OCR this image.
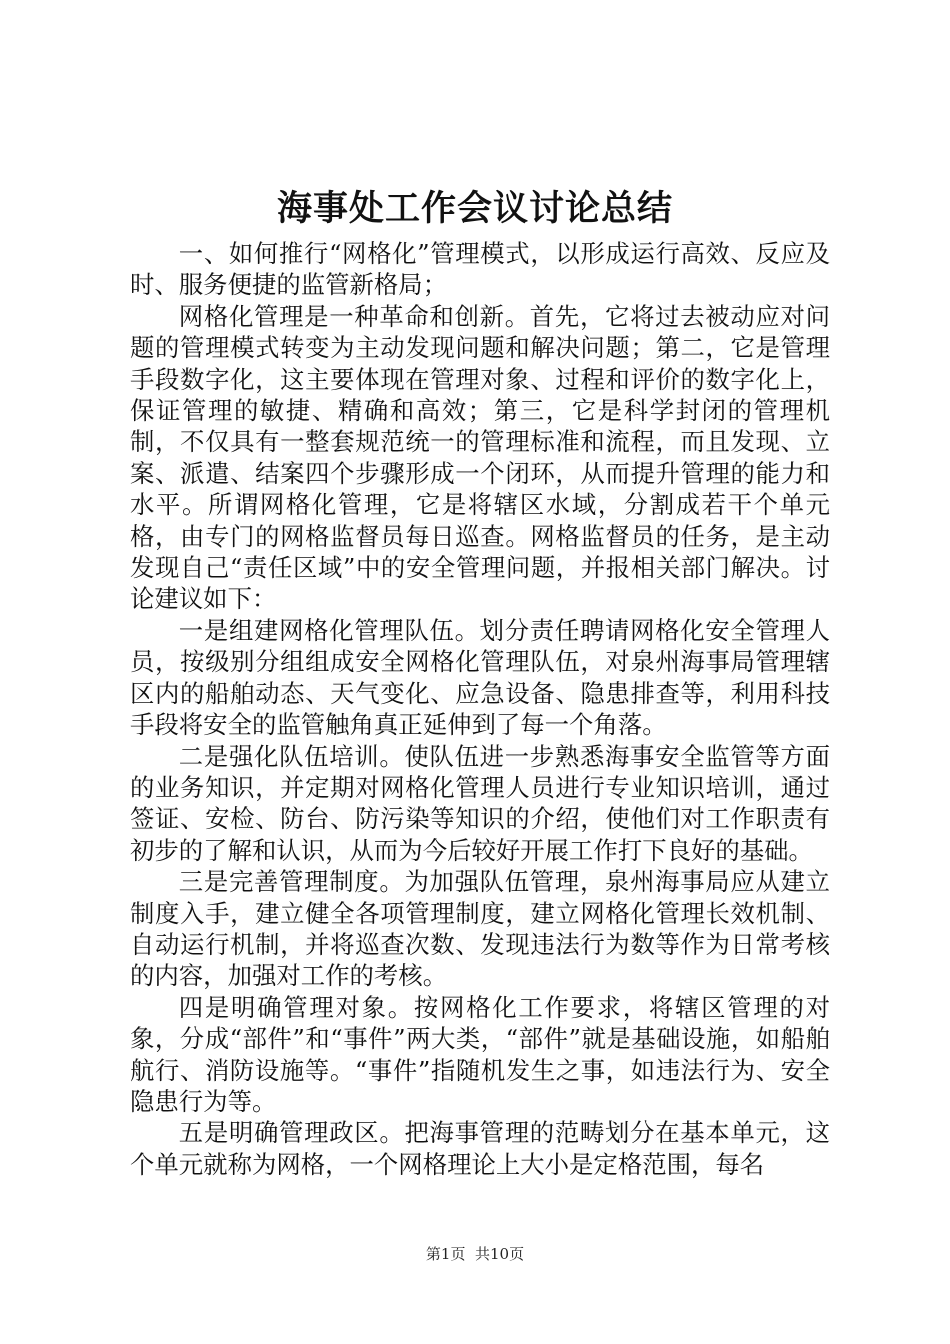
海事处工作会议讨论总结

一、如何推行“网格化”管理模式，以形成运行高效、反应及时、服务便捷的监管新格局；

网格化管理是一种革命和创新。首先，它将过去被动应对问题的管理模式转变为主动发现问题和解决问题；第二，它是管理手段数字化，这主要体现在管理对象、过程和评价的数字化上，保证管理的敏捷、精确和高效；第三，它是科学封闭的管理机制，不仅具有一整套规范统一的管理标准和流程，而且发现、立案、派遣、结案四个步骤形成一个闭环，从而提升管理的能力和水平。所谓网格化管理，它是将辖区水域，分割成若干个单元格，由专门的网格监督员每日巡查。网格监督员的任务，是主动发现自己“责任区域”中的安全管理问题，并报相关部门解决。讨论建议如下：

一是组建网格化管理队伍。划分责任聘请网格化安全管理人员，按级别分组组成安全网格化管理队伍，对泉州海事局管理辖区内的船舶动态、天气变化、应急设备、隐患排查等，利用科技手段将安全的监管触角真正延伸到了每一个角落。

二是强化队伍培训。使队伍进一步熟悉海事安全监管等方面的业务知识，并定期对网格化管理人员进行专业知识培训，通过签证、安检、防台、防污染等知识的介绍，使他们对工作职责有初步的了解和认识，从而为今后较好开展工作打下良好的基础。

三是完善管理制度。为加强队伍管理，泉州海事局应从建立制度入手，建立健全各项管理制度，建立网格化管理长效机制、自动运行机制，并将巡查次数、发现违法行为数等作为日常考核的内容，加强对工作的考核。

四是明确管理对象。按网格化工作要求，将辖区管理的对象，分成“部件”和“事件”两大类，“部件”就是基础设施，如船舶航行、消防设施等。“事件”指随机发生之事，如违法行为、安全隐患行为等。

五是明确管理政区。把海事管理的范畴划分在基本单元，这个单元就称为网格，一个网格理论上大小是定格范围，每名

第1页  共10页
